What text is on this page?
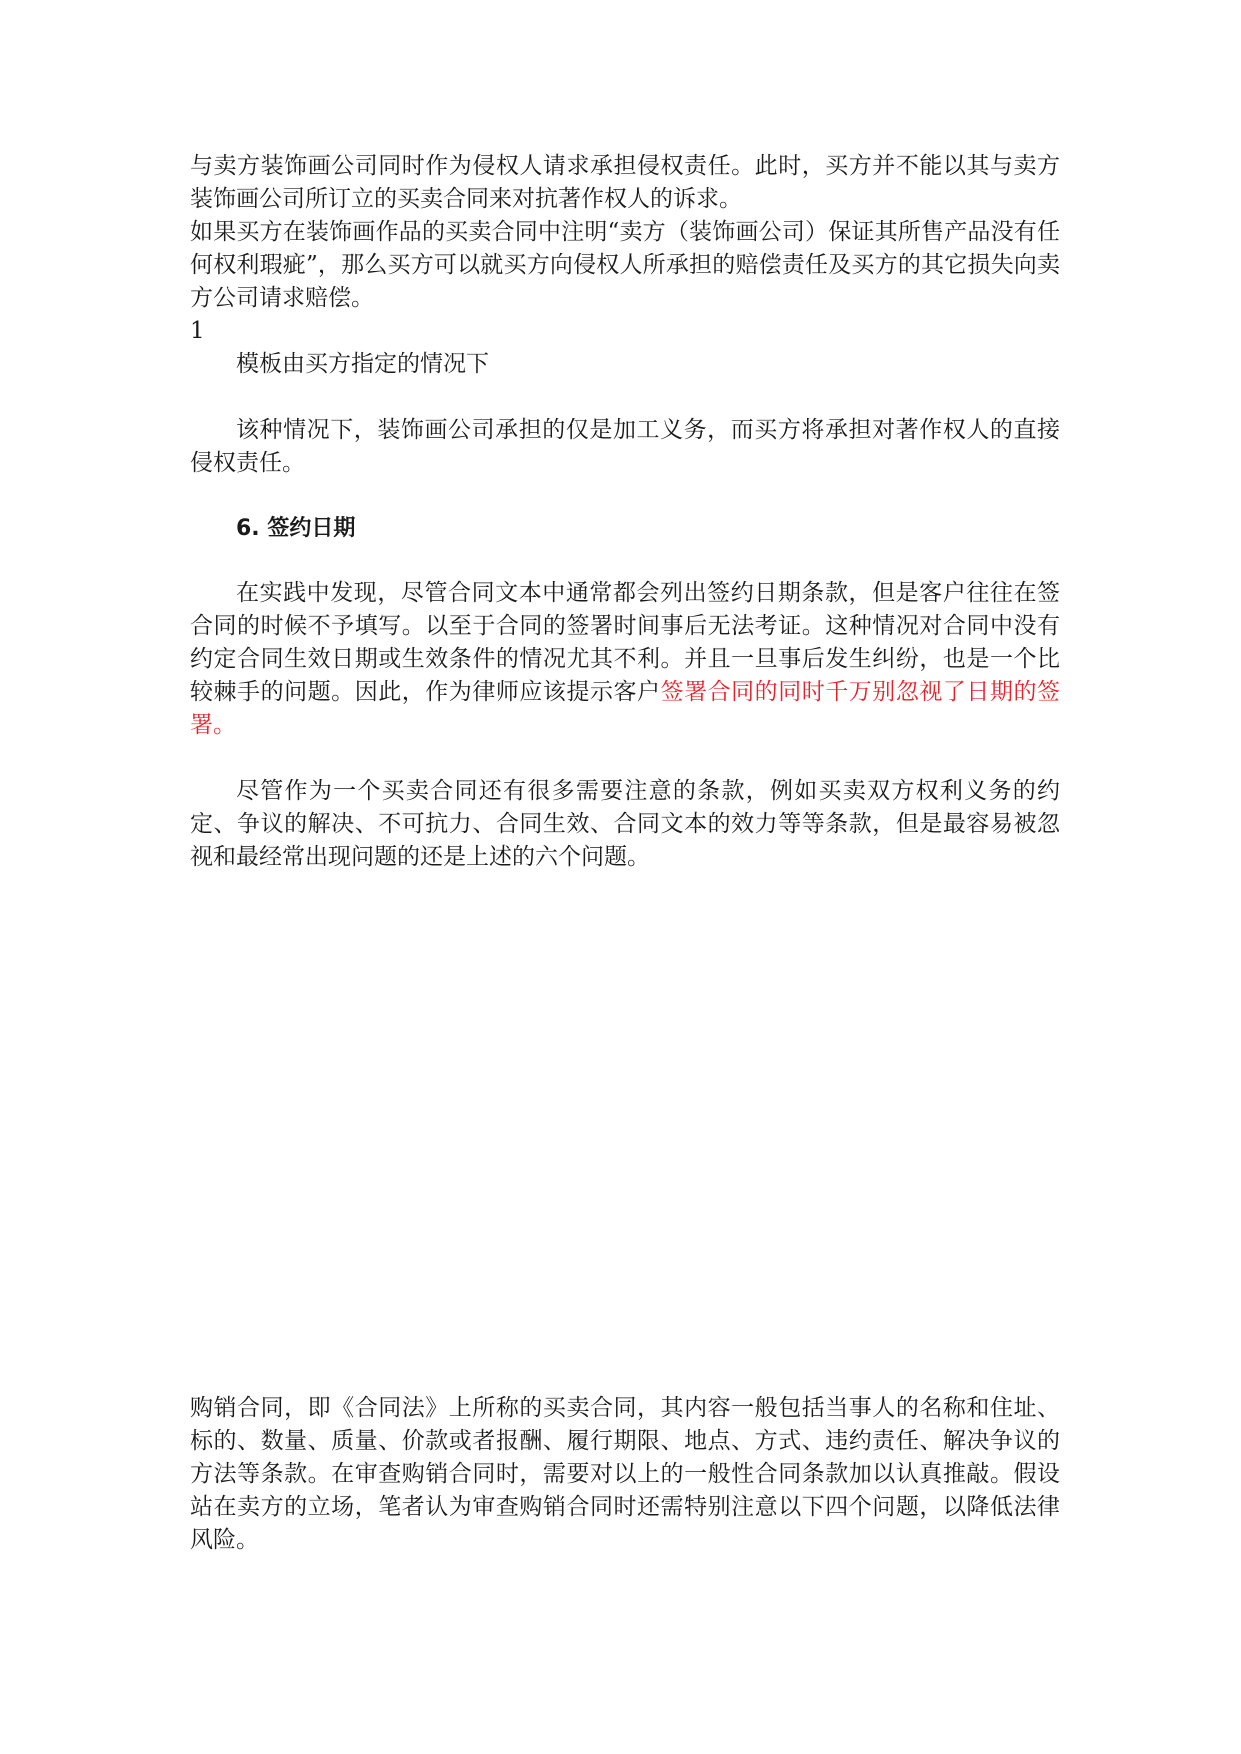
与卖方装饰画公司同时作为侵权人请求承担侵权责任。此时，买方并不能以其与卖方装饰画公司所订立的买卖合同来对抗著作权人的诉求。

如果买方在装饰画作品的买卖合同中注明“卖方（装饰画公司）保证其所售产品没有任何权利瑕疵”，那么买方可以就买方向侵权人所承担的赔偿责任及买方的其它损失向卖方公司请求赔偿。

1

模板由买方指定的情况下

该种情况下，装饰画公司承担的仅是加工义务，而买方将承担对著作权人的直接侵权责任。

6. 签约日期

在实践中发现，尽管合同文本中通常都会列出签约日期条款，但是客户往往在签合同的时候不予填写。以至于合同的签署时间事后无法考证。这种情况对合同中没有约定合同生效日期或生效条件的情况尤其不利。并且一旦事后发生纠纷，也是一个比较棘手的问题。因此，作为律师应该提示客户签署合同的同时千万别忽视了日期的签署。

尽管作为一个买卖合同还有很多需要注意的条款，例如买卖双方权利义务的约定、争议的解决、不可抗力、合同生效、合同文本的效力等等条款，但是最容易被忽视和最经常出现问题的还是上述的六个问题。

购销合同，即《合同法》上所称的买卖合同，其内容一般包括当事人的名称和住址、标的、数量、质量、价款或者报酬、履行期限、地点、方式、违约责任、解决争议的方法等条款。在审查购销合同时，需要对以上的一般性合同条款加以认真推敲。假设站在卖方的立场，笔者认为审查购销合同时还需特别注意以下四个问题，以降低法律风险。
